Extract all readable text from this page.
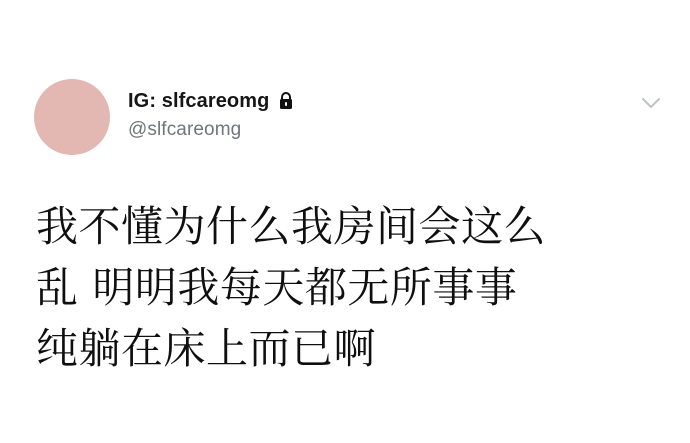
IG: slfcareomg
@slfcareomg
我不懂为什么我房间会这么
乱 明明我每天都无所事事
纯躺在床上而已啊
